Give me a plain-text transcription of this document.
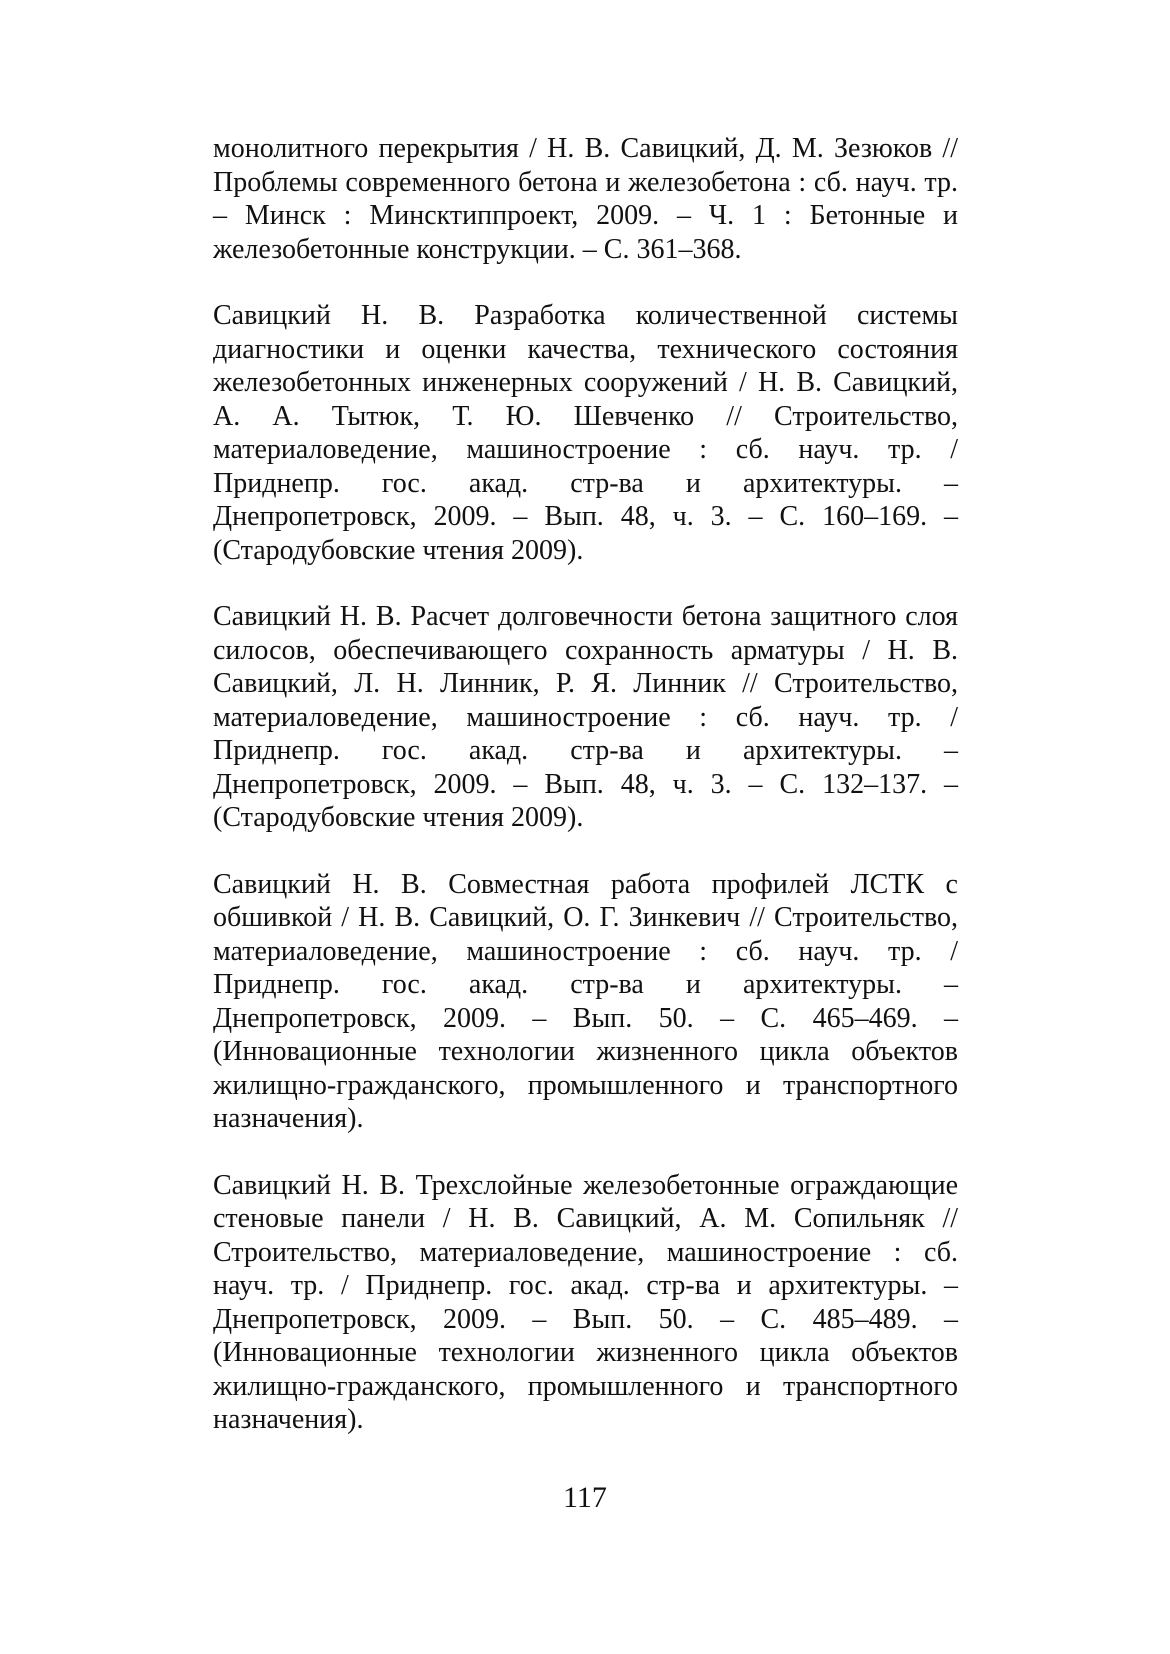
монолитного перекрытия / Н. В. Савицкий, Д. М. Зезюков // Проблемы современного бетона и железобетона : сб. науч. тр. – Минск : Минсктиппроект, 2009. – Ч. 1 : Бетонные и железобетонные конструкции. – С. 361–368.

Савицкий Н. В. Разработка количественной системы диагностики и оценки качества, технического состояния железобетонных инженерных сооружений / Н. В. Савицкий, А. А. Тытюк, Т. Ю. Шевченко // Строительство, материаловедение, машиностроение : сб. науч. тр. / Приднепр. гос. акад. стр-ва и архитектуры. – Днепропетровск, 2009. – Вып. 48, ч. 3. – С. 160–169. – (Стародубовские чтения 2009).

Савицкий Н. В. Расчет долговечности бетона защитного слоя силосов, обеспечивающего сохранность арматуры / Н. В. Савицкий, Л. Н. Линник, Р. Я. Линник // Строительство, материаловедение, машиностроение : сб. науч. тр. / Приднепр. гос. акад. стр-ва и архитектуры. – Днепропетровск, 2009. – Вып. 48, ч. 3. – С. 132–137. – (Стародубовские чтения 2009).

Савицкий Н. В. Совместная работа профилей ЛСТК с обшивкой / Н. В. Савицкий, О. Г. Зинкевич // Строительство, материаловедение, машиностроение : сб. науч. тр. / Приднепр. гос. акад. стр-ва и архитектуры. – Днепропетровск, 2009. – Вып. 50. – С. 465–469. – (Инновационные технологии жизненного цикла объектов жилищно-гражданского, промышленного и транспортного назначения).

Савицкий Н. В. Трехслойные железобетонные ограждающие стеновые панели / Н. В. Савицкий, А. М. Сопильняк // Строительство, материаловедение, машиностроение : сб. науч. тр. / Приднепр. гос. акад. стр-ва и архитектуры. – Днепропетровск, 2009. – Вып. 50. – С. 485–489. – (Инновационные технологии жизненного цикла объектов жилищно-гражданского, промышленного и транспортного назначения).

117
